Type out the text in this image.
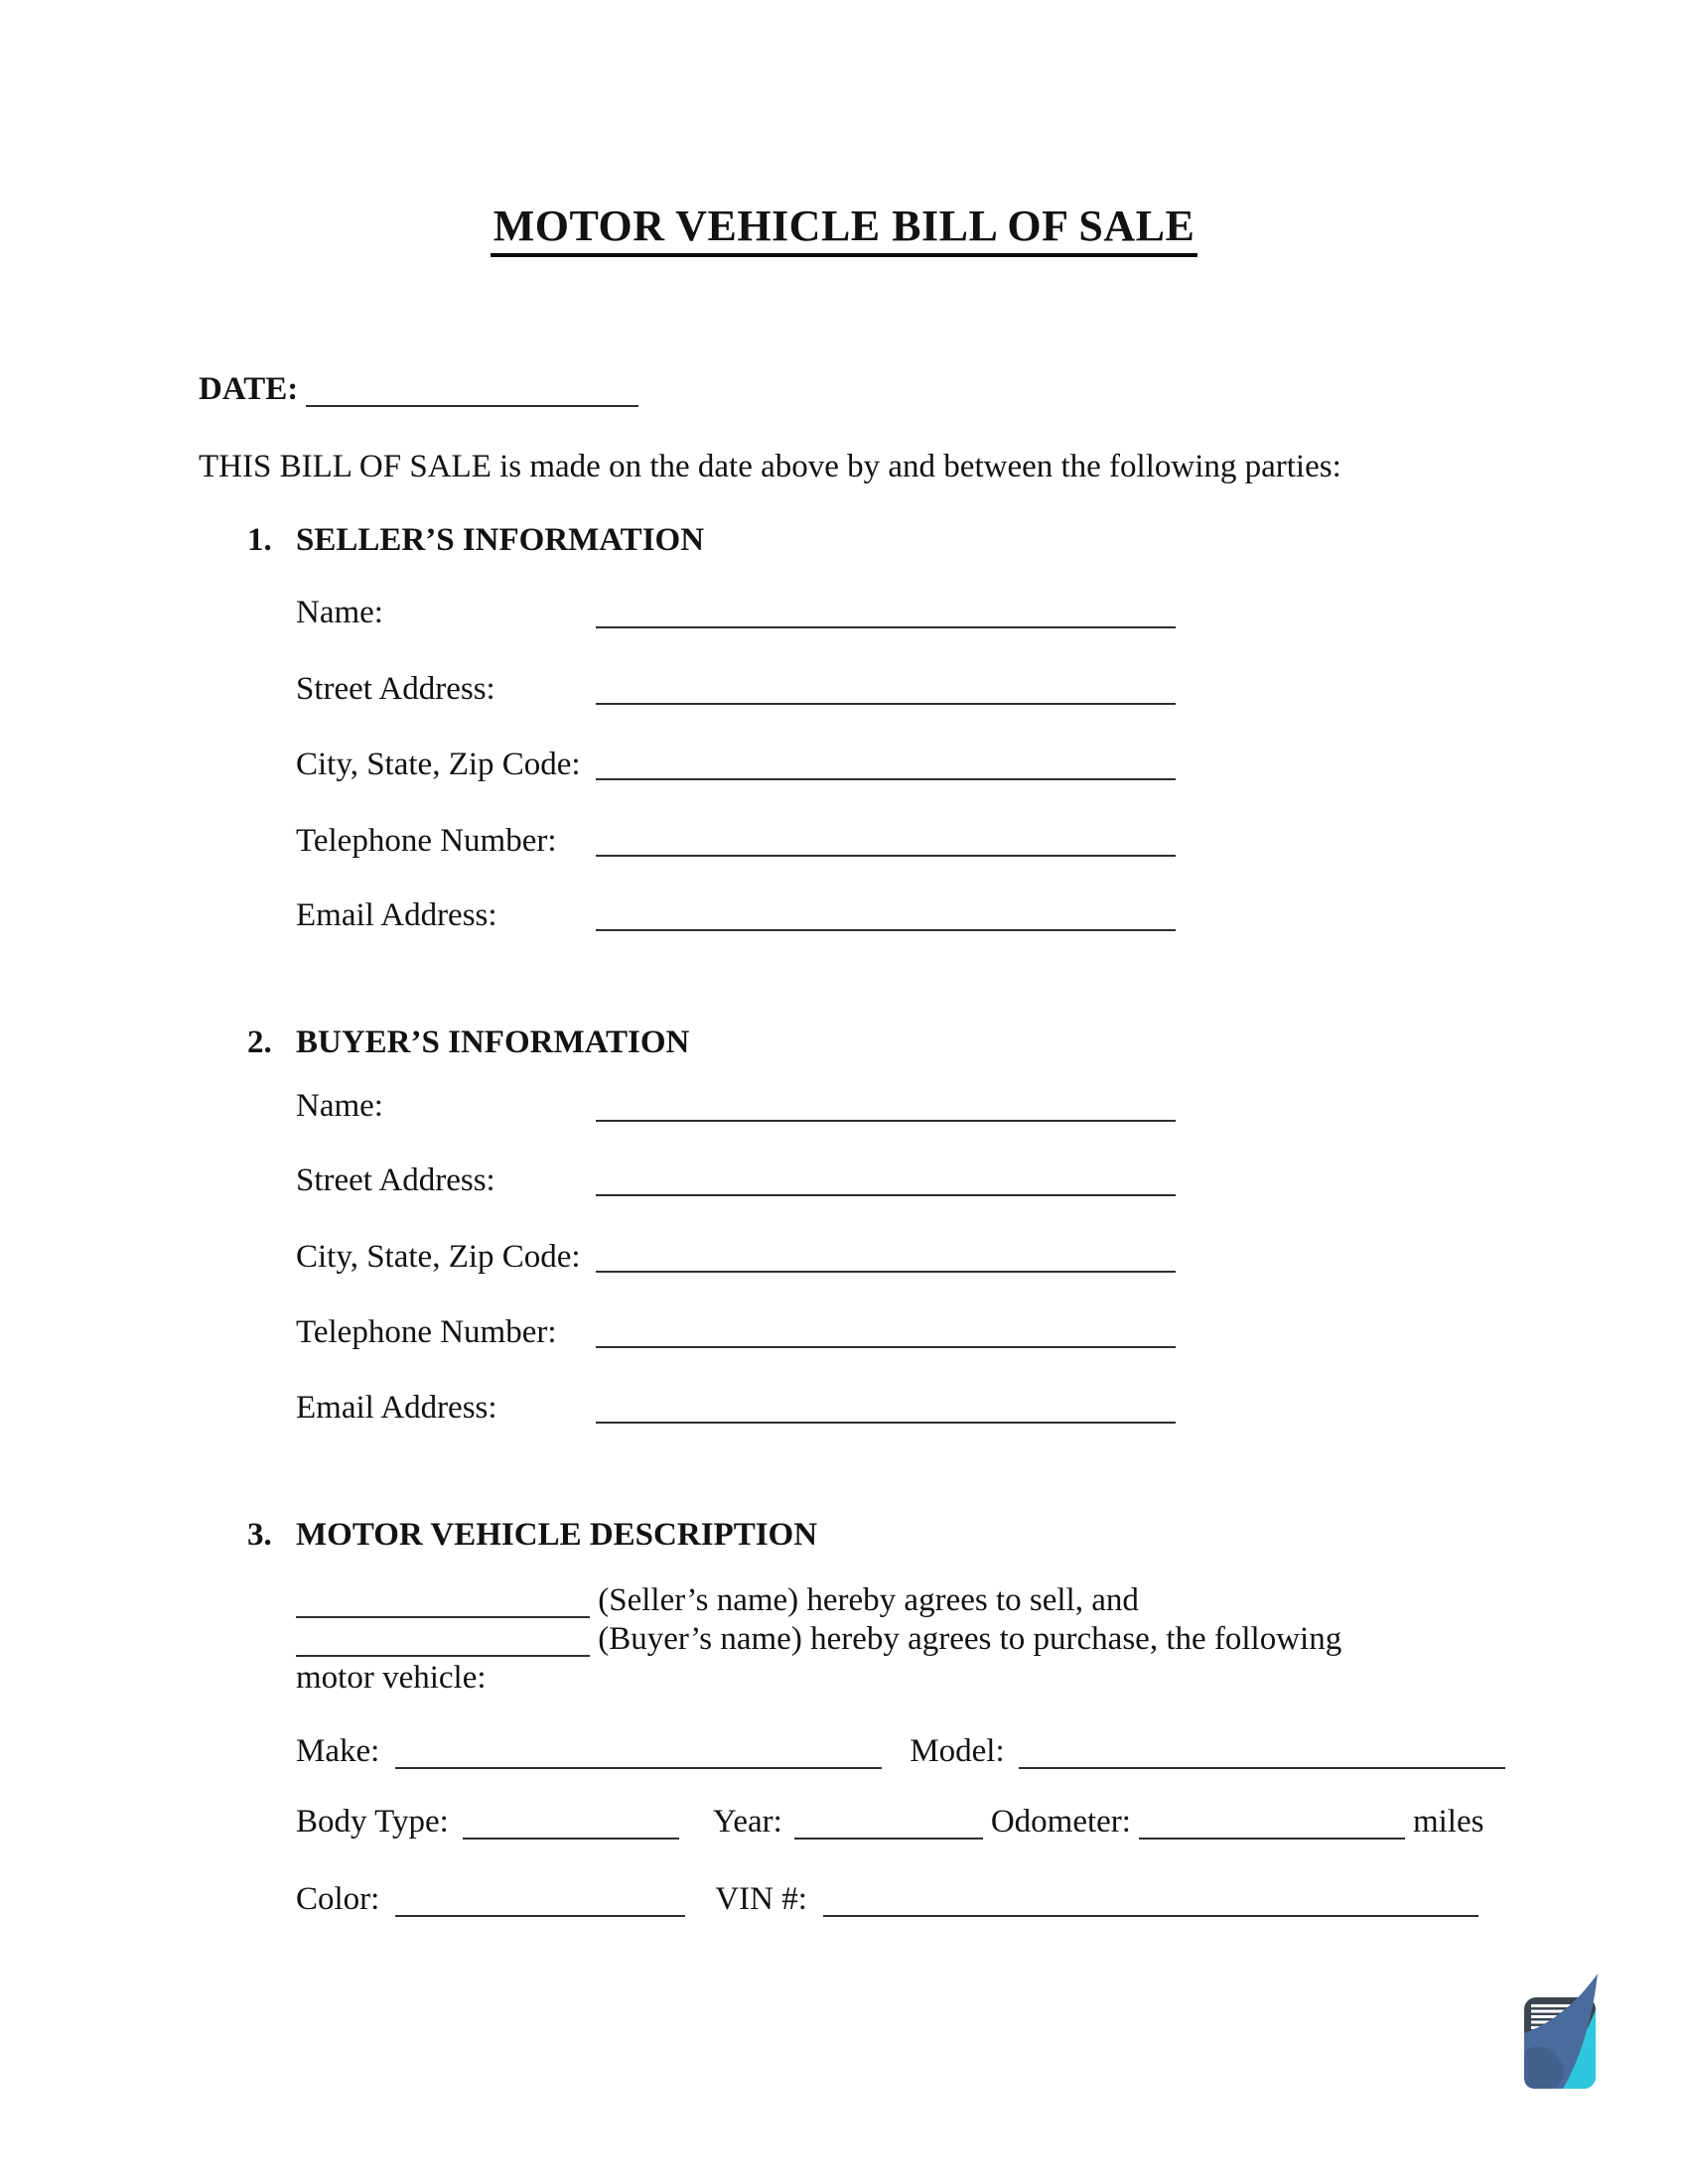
MOTOR VEHICLE BILL OF SALE
DATE:
THIS BILL OF SALE is made on the date above by and between the following parties:
1. SELLER’S INFORMATION
Name:
Street Address:
City, State, Zip Code:
Telephone Number:
Email Address:
2. BUYER’S INFORMATION
Name:
Street Address:
City, State, Zip Code:
Telephone Number:
Email Address:
3. MOTOR VEHICLE DESCRIPTION
(Seller’s name) hereby agrees to sell, and
(Buyer’s name) hereby agrees to purchase, the following
motor vehicle:
Make:	Model:
Body Type:	Year:	Odometer:	miles
Color:	VIN #:
